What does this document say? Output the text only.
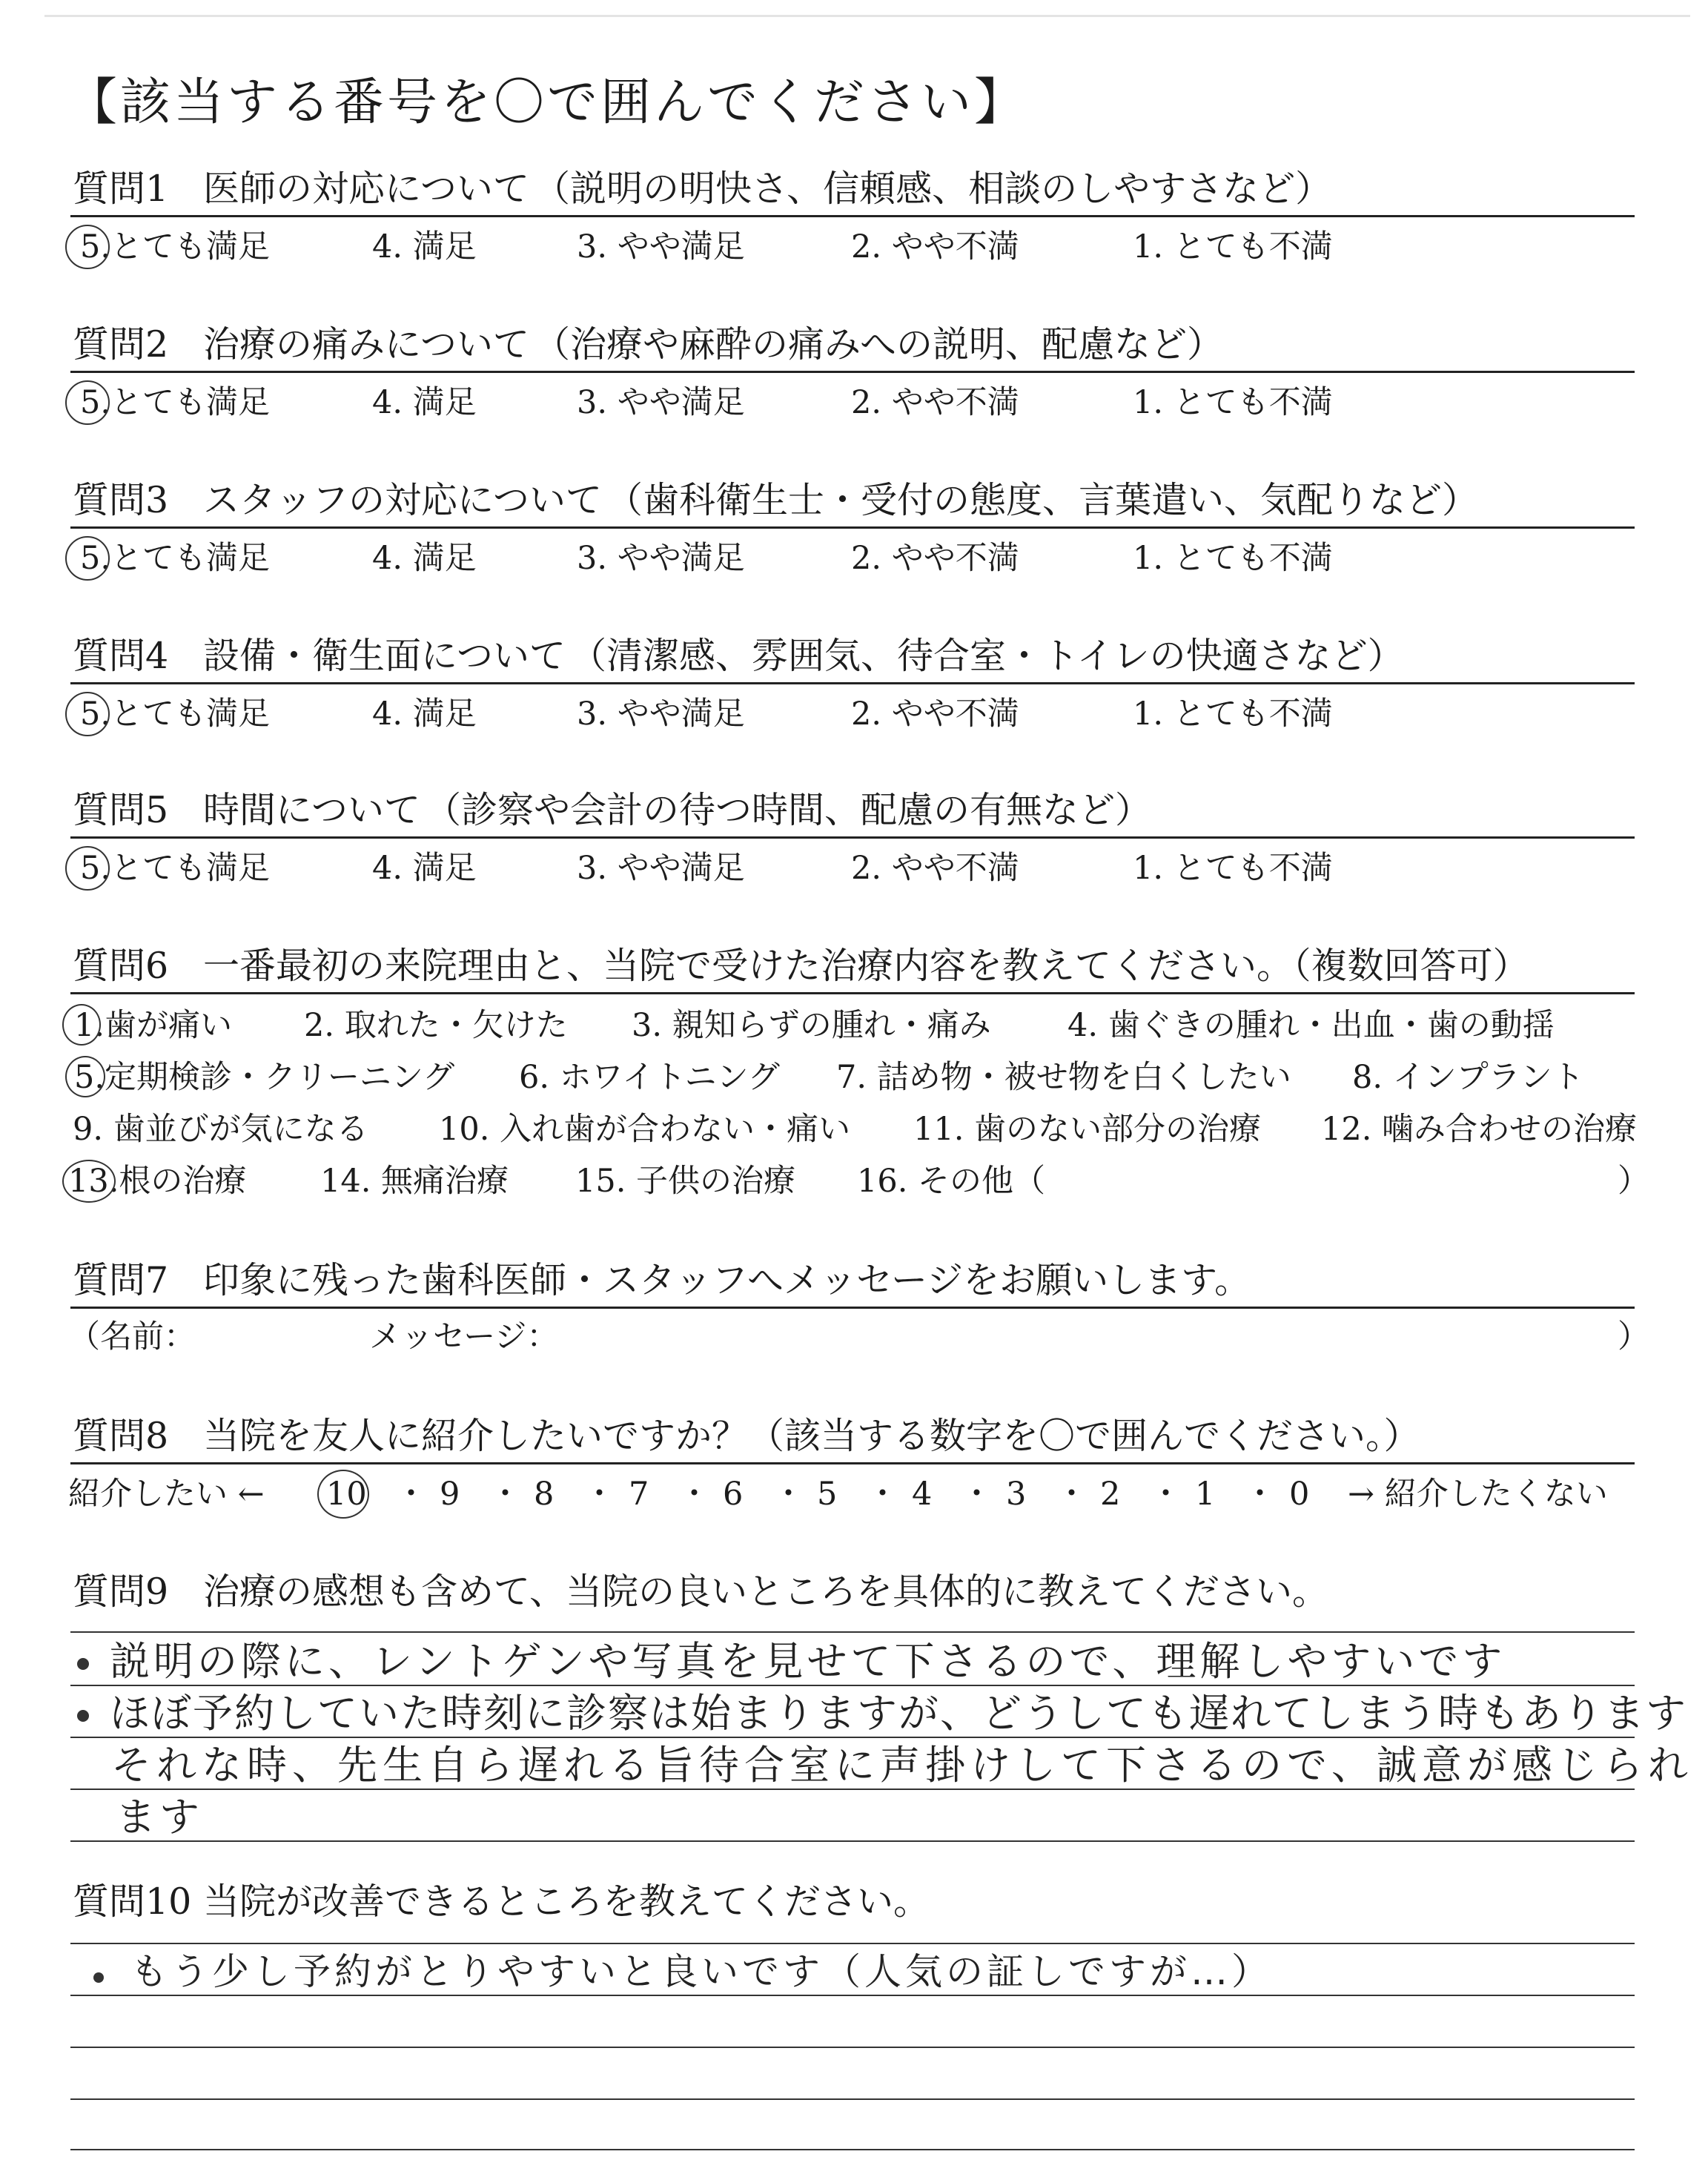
【該当する番号を〇で囲んでください】
質問1 医師の対応について （説明の明快さ、信頼感、相談のしやすさなど）
5.とても満足	4. 満足	3. やや満足	2. やや不満	1. とても不満
質問2 治療の痛みについて （治療や麻酔の痛みへの説明、配慮など）
5.とても満足	4. 満足	3. やや満足	2. やや不満	1. とても不満
質問3 スタッフの対応について （歯科衛生士・受付の態度、言葉遣い、気配りなど）
5.とても満足	4. 満足	3. やや満足	2. やや不満	1. とても不満
質問4 設備・衛生面について （清潔感、雰囲気、待合室・トイレの快適さなど）
5.とても満足	4. 満足	3. やや満足	2. やや不満	1. とても不満
質問5 時間について （診察や会計の待つ時間、配慮の有無など）
5.とても満足	4. 満足	3. やや満足	2. やや不満	1. とても不満
質問6 一番最初の来院理由と、当院で受けた治療内容を教えてください。（複数回答可）
1.歯が痛い 2. 取れた・欠けた 3. 親知らずの腫れ・痛み 4. 歯ぐきの腫れ・出血・歯の動揺
5.定期検診・クリーニング 6. ホワイトニング 7. 詰め物・被せ物を白くしたい 8. インプラント
9. 歯並びが気になる 10. 入れ歯が合わない・痛い 11. 歯のない部分の治療 12. 噛み合わせの治療
13.根の治療 14. 無痛治療 15. 子供の治療 16. その他（	）
質問7 印象に残った歯科医師・スタッフへメッセージをお願いします。
（名前：	メッセージ：	）
質問8 当院を友人に紹介したいですか？（該当する数字を〇で囲んでください。）
紹介したい ←	→ 紹介したくない
10 9 8 7 6 5 4 3 2 1 0
・ ・ ・ ・ ・ ・ ・ ・ ・ ・
質問9 治療の感想も含めて、当院の良いところを具体的に教えてください。
説明の際に、レントゲンや写真を見せて下さるので、理解しやすいです
ほぼ予約していた時刻に診察は始まりますが、どうしても遅れてしまう時もあります
それな時、先生自ら遅れる旨待合室に声掛けして下さるので、誠意が感じられ
ます
質問10 当院が改善できるところを教えてください。
もう少し予約がとりやすいと良いです（人気の証しですが…）
